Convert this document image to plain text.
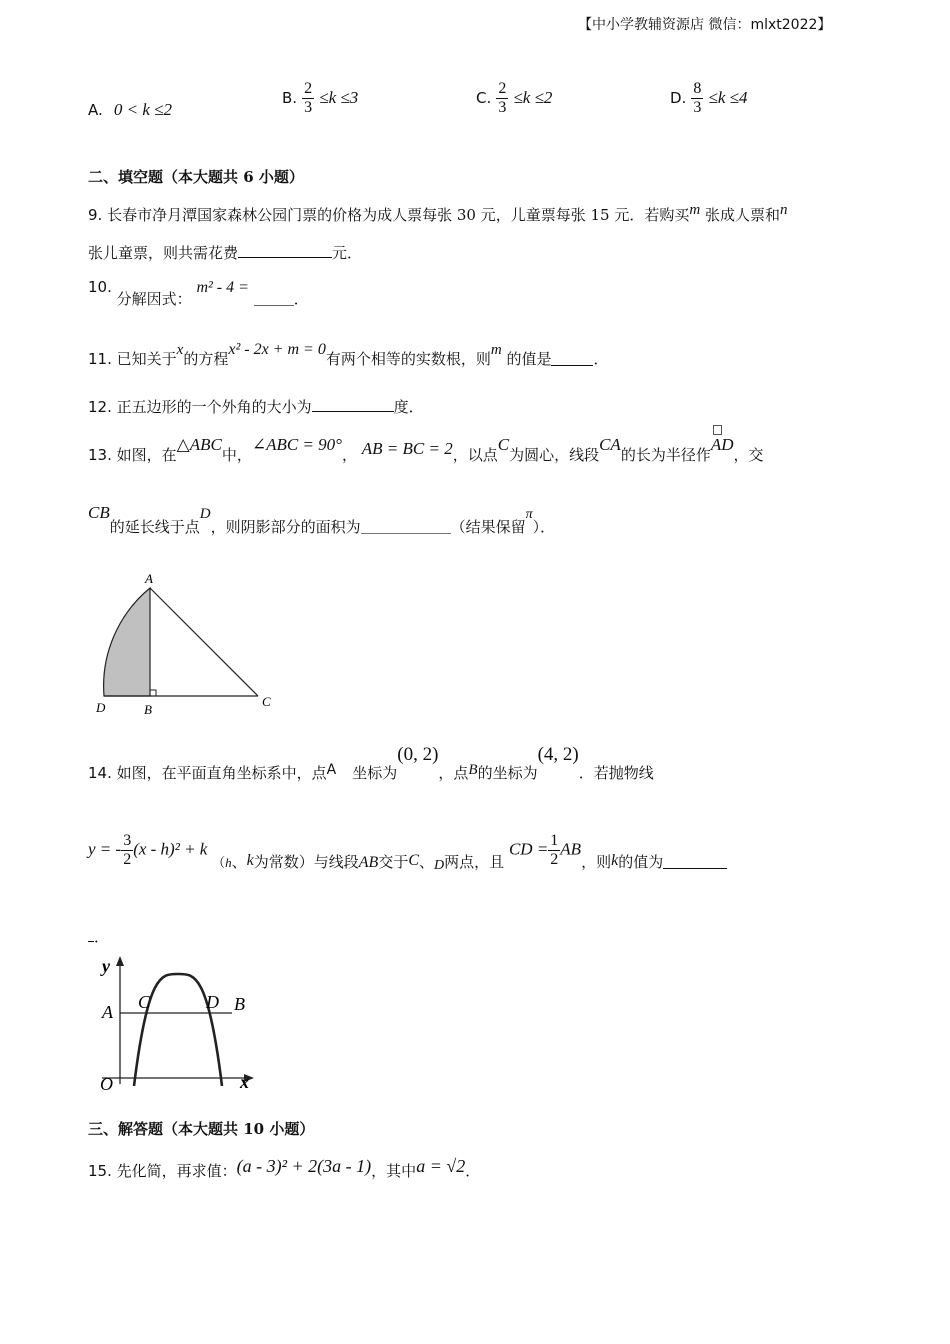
【中小学教辅资源店 微信：mlxt2022】
A. 0 < k ≤2
B. $\frac{2}{3} \le k \le 3$	C. $\frac{2}{3} \le k \le 2$	D. $\frac{8}{3} \le k \le 4$
二、填空题（本大题共 6 小题）
9. 长春市净月潭国家森林公园门票的价格为成人票每张 30 元，儿童票每张 15 元．若购买m 张成人票和n
张儿童票，则共需花费	元．
10. 分解因式： m² - 4 = ．
11. 已知关于x的方程x² - 2x + m = 0有两个相等的实数根，则m 的值是	．
12. 正五边形的一个外角的大小为	度．
13. 如图，在△ABC中，∠ABC = 90°， AB = BC = 2，以点C为圆心，线段CA的长为半径作
AD，交
CB的延长线于点D，则阴影部分的面积为	（结果保留π）．
A
D	B
C
14. 如图，在平面直角坐标系中，点A 坐标为(0, 2)，点B的坐标为(4, 2)．若抛物线
y = - $\frac{3}{2} (x - h)^2 + k$ （h、k为常数）与线段AB交于C、D两点，且 CD = $\frac{1}{2}$ AB，则k的值为
．
y
A C	D B
O	x
三、解答题（本大题共 10 小题）
15. 先化简，再求值：(a - 3)² + 2(3a - 1)，其中a = √2．
